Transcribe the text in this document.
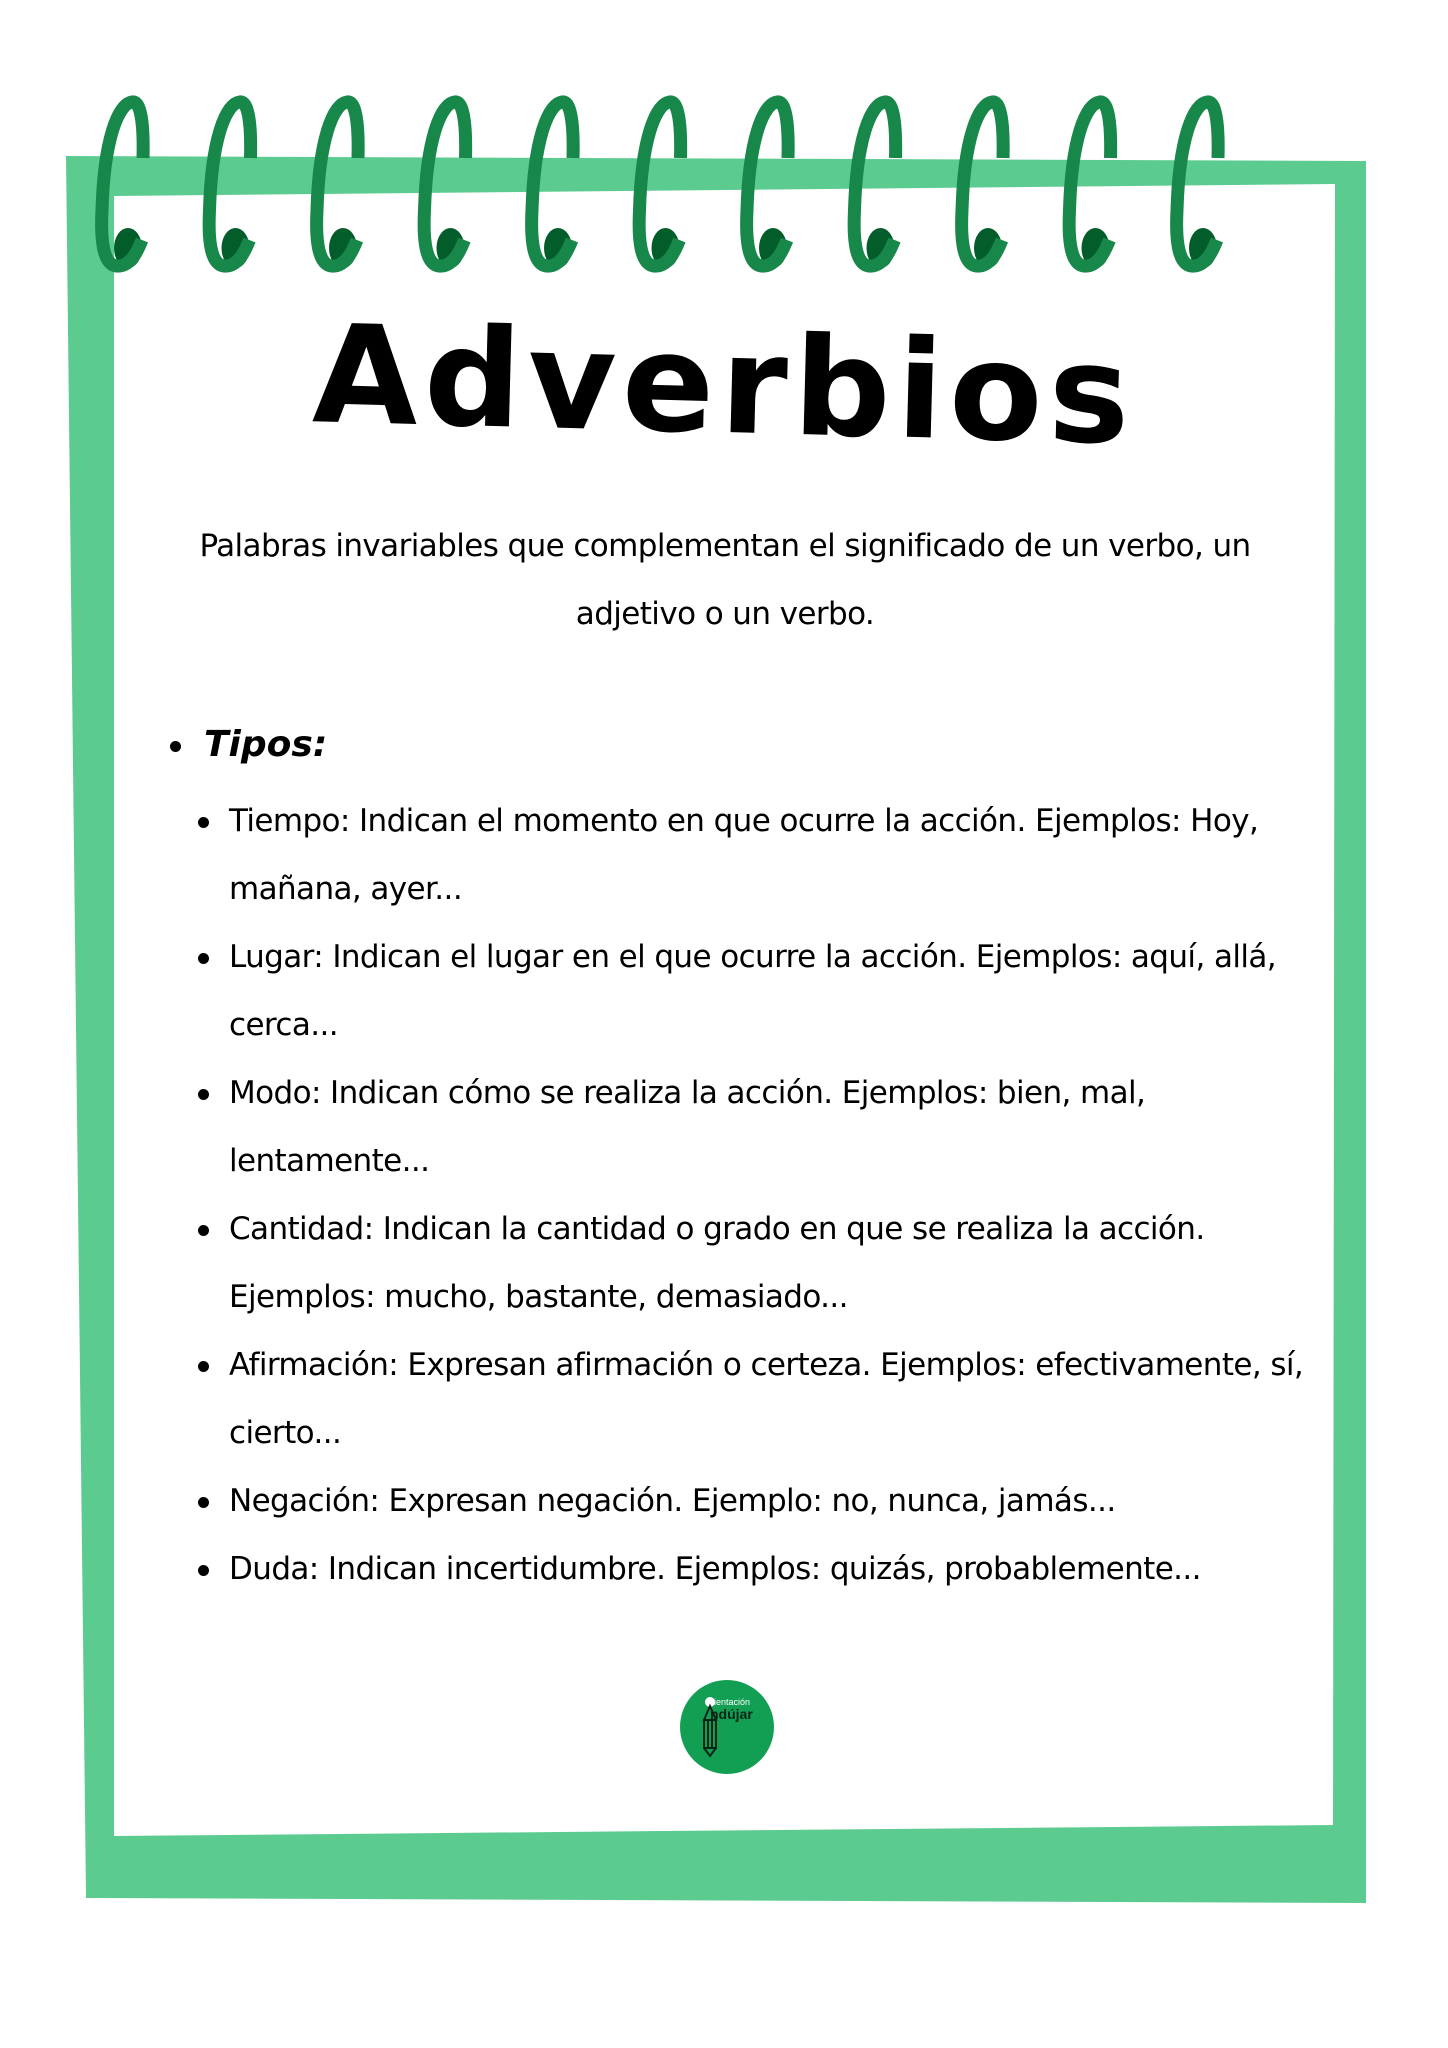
Adverbios
Palabras invariables que complementan el significado de un verbo, un adjetivo o un verbo.
Tipos:
Tiempo: Indican el momento en que ocurre la acción. Ejemplos: Hoy, mañana, ayer...
Lugar: Indican el lugar en el que ocurre la acción. Ejemplos: aquí, allá, cerca...
Modo: Indican cómo se realiza la acción. Ejemplos: bien, mal, lentamente...
Cantidad: Indican la cantidad o grado en que se realiza la acción. Ejemplos: mucho, bastante, demasiado...
Afirmación: Expresan afirmación o certeza. Ejemplos: efectivamente, sí, cierto...
Negación: Expresan negación. Ejemplo: no, nunca, jamás...
Duda: Indican incertidumbre. Ejemplos: quizás, probablemente...
rientación
ndújar
